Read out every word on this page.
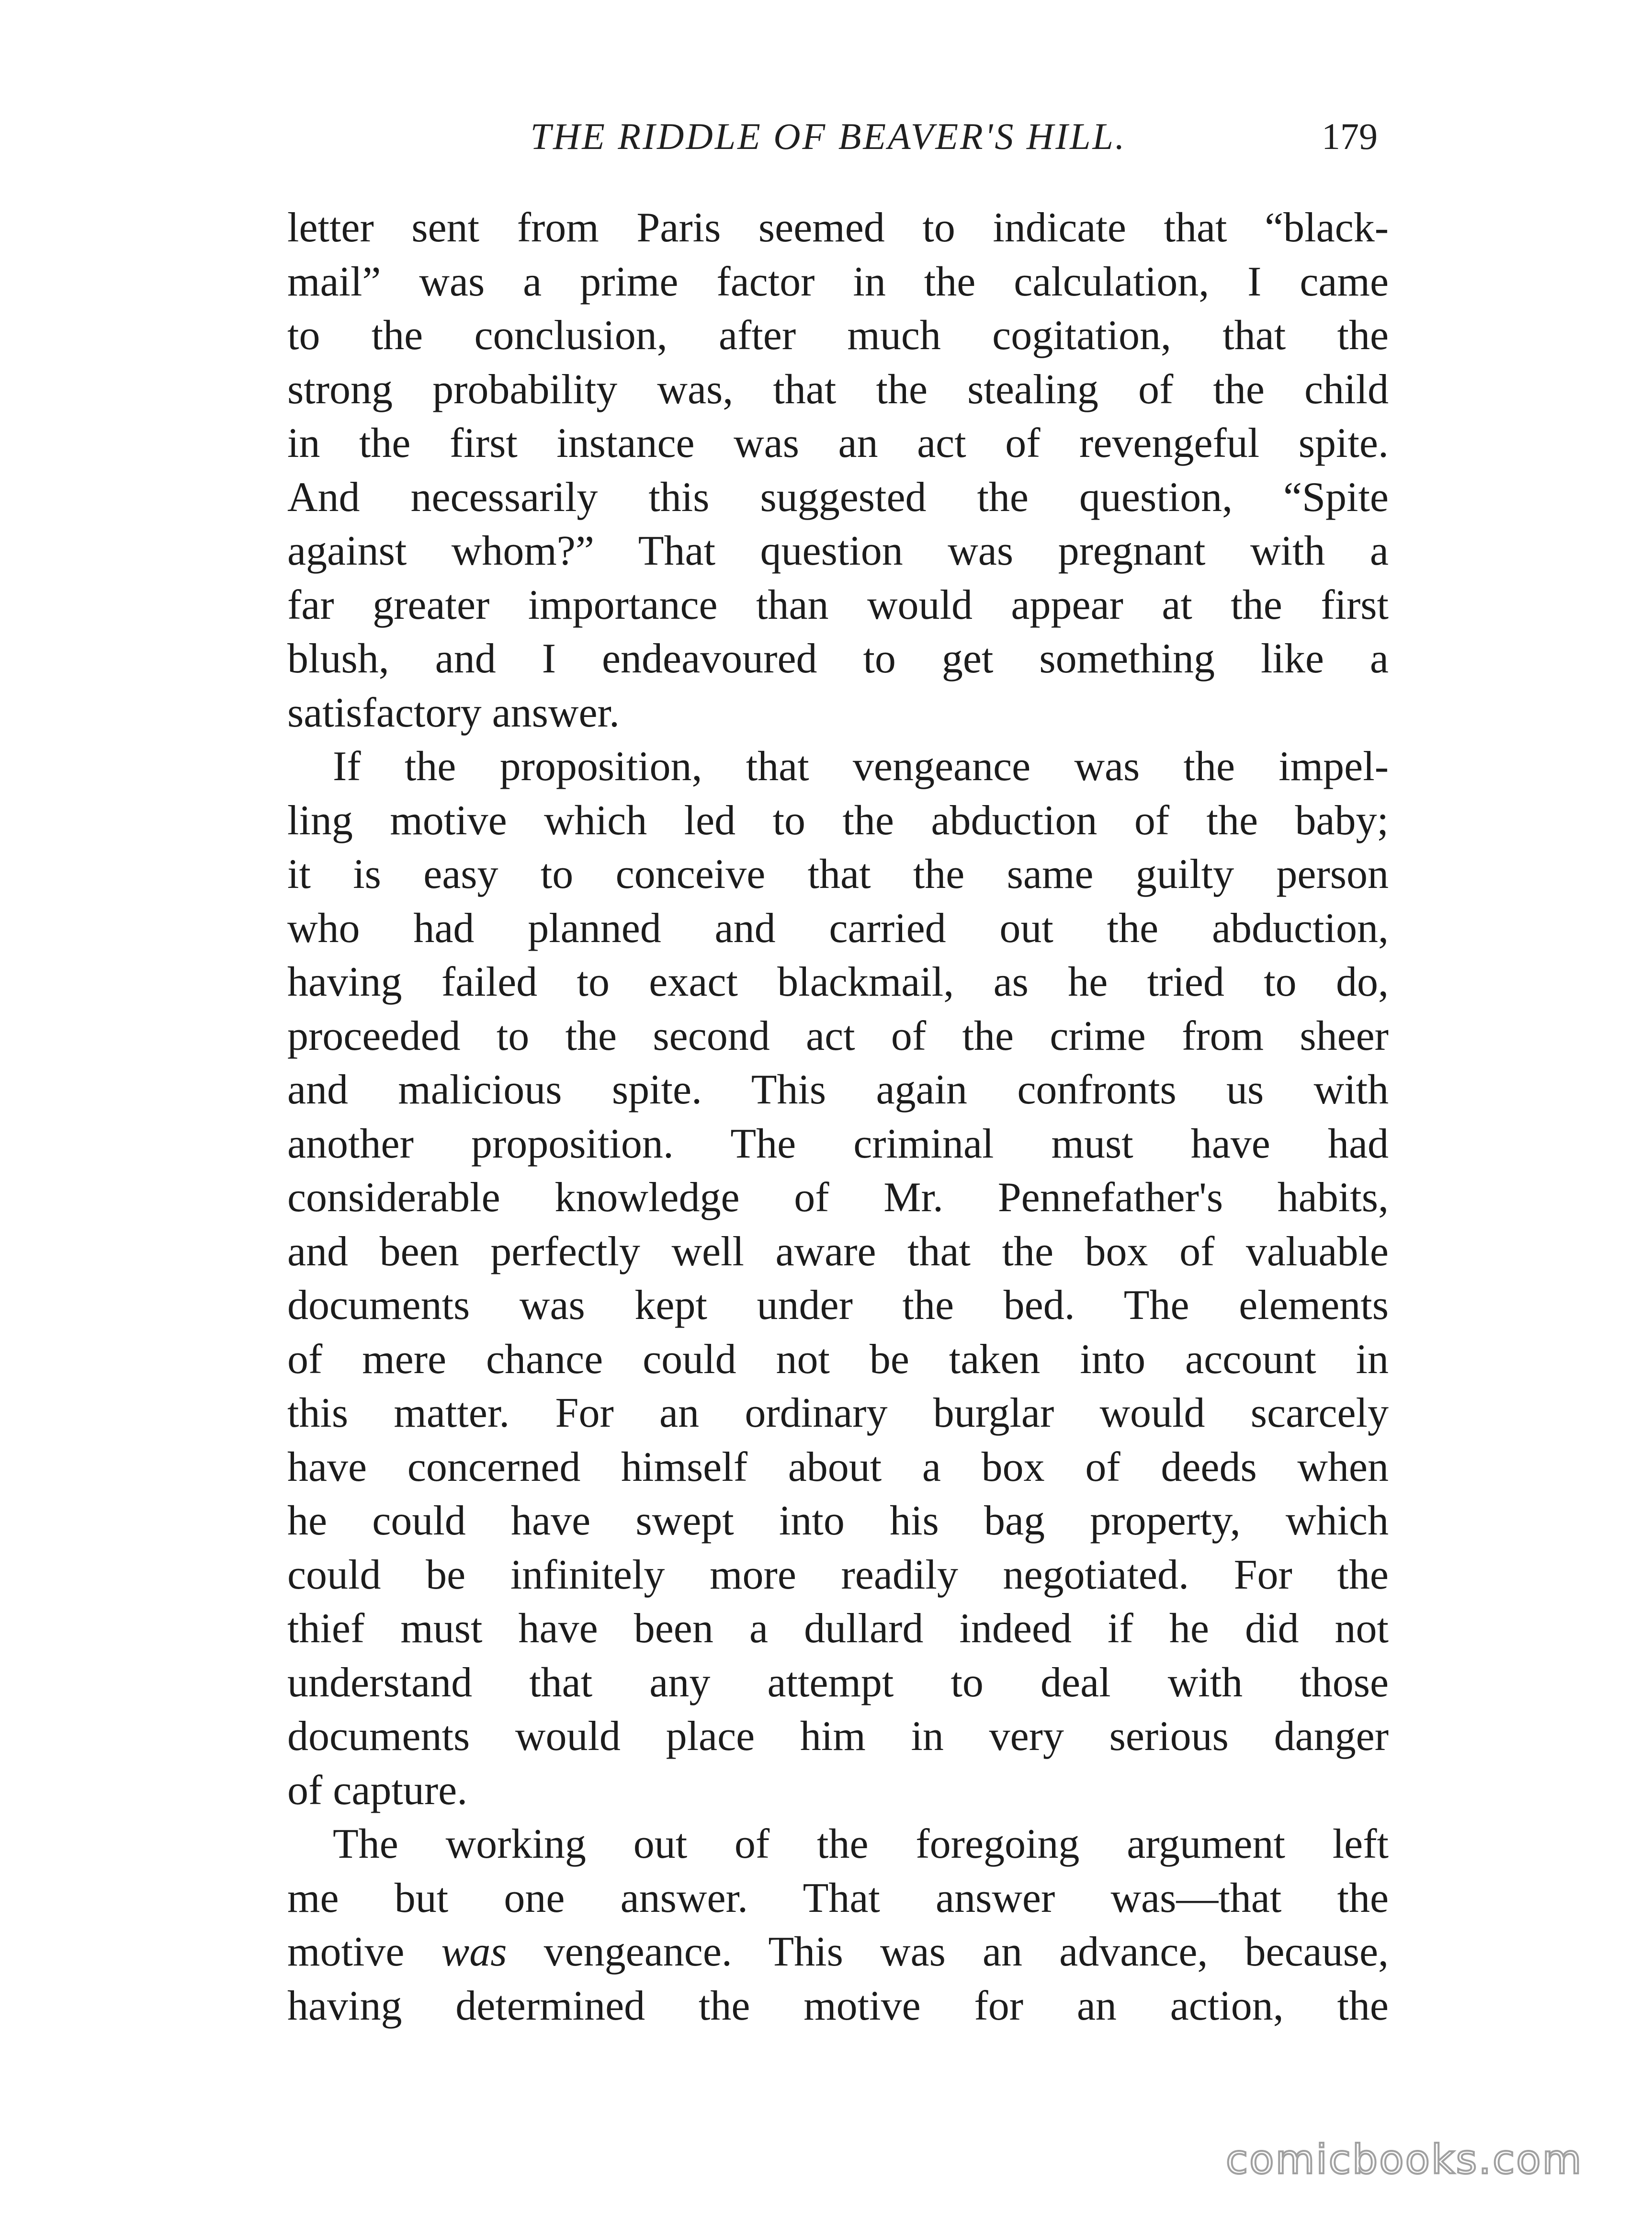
THE RIDDLE OF BEAVER'S HILL.	179
letter sent from Paris seemed to indicate that “black-
mail” was a prime factor in the calculation, I came
to the conclusion, after much cogitation, that the
strong probability was, that the stealing of the child
in the first instance was an act of revengeful spite.
And necessarily this suggested the question, “Spite
against whom?” That question was pregnant with a
far greater importance than would appear at the first
blush, and I endeavoured to get something like a
satisfactory answer.
If the proposition, that vengeance was the impel-
ling motive which led to the abduction of the baby;
it is easy to conceive that the same guilty person
who had planned and carried out the abduction,
having failed to exact blackmail, as he tried to do,
proceeded to the second act of the crime from sheer
and malicious spite. This again confronts us with
another proposition. The criminal must have had
considerable knowledge of Mr. Pennefather's habits,
and been perfectly well aware that the box of valuable
documents was kept under the bed. The elements
of mere chance could not be taken into account in
this matter. For an ordinary burglar would scarcely
have concerned himself about a box of deeds when
he could have swept into his bag property, which
could be infinitely more readily negotiated. For the
thief must have been a dullard indeed if he did not
understand that any attempt to deal with those
documents would place him in very serious danger
of capture.
The working out of the foregoing argument left
me but one answer. That answer was—that the
motive was vengeance. This was an advance, because,
having determined the motive for an action, the
comicbooks.com
